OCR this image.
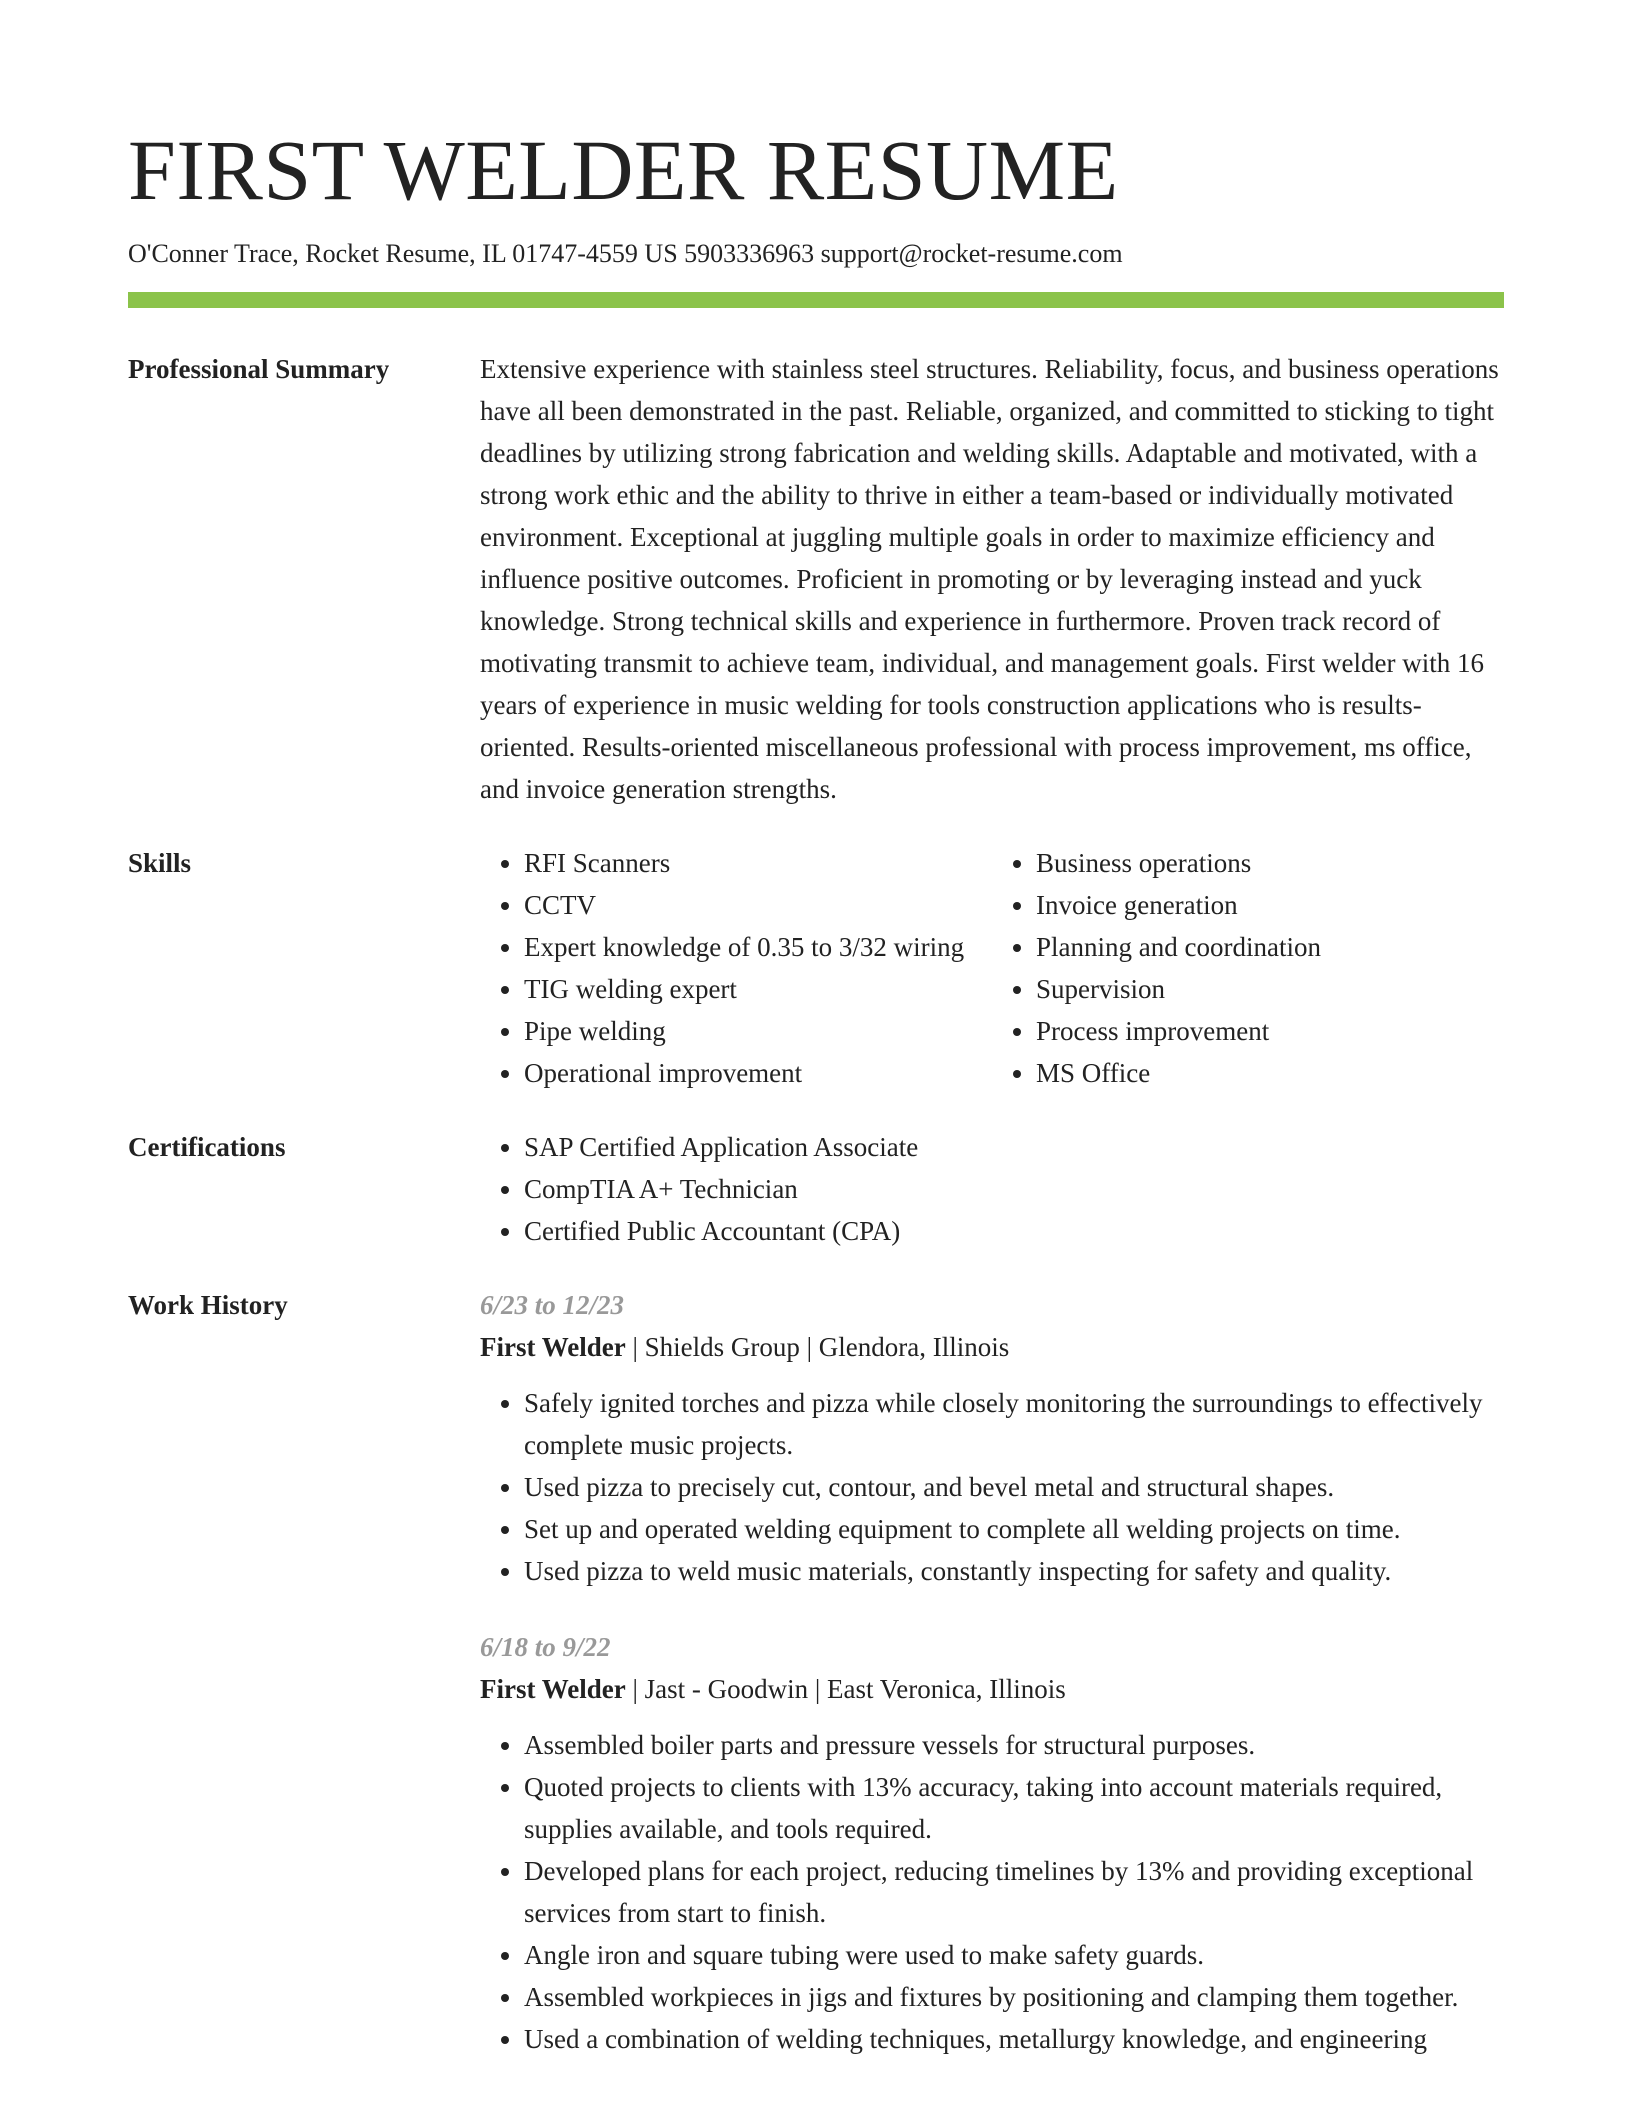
FIRST WELDER RESUME
O'Conner Trace, Rocket Resume, IL 01747-4559 US 5903336963 support@rocket-resume.com
Professional Summary	Extensive experience with stainless steel structures. Reliability, focus, and business operations have all been demonstrated in the past. Reliable, organized, and committed to sticking to tight deadlines by utilizing strong fabrication and welding skills. Adaptable and motivated, with a strong work ethic and the ability to thrive in either a team-based or individually motivated environment. Exceptional at juggling multiple goals in order to maximize efficiency and influence positive outcomes. Proficient in promoting or by leveraging instead and yuck knowledge. Strong technical skills and experience in furthermore. Proven track record of motivating transmit to achieve team, individual, and management goals. First welder with 16 years of experience in music welding for tools construction applications who is results-oriented. Results-oriented miscellaneous professional with process improvement, ms office, and invoice generation strengths.

Skills	• RFI Scanners
• CCTV
• Expert knowledge of 0.35 to 3/32 wiring
• TIG welding expert
• Pipe welding
• Operational improvement
• Business operations
• Invoice generation
• Planning and coordination
• Supervision
• Process improvement
• MS Office
Certifications	• SAP Certified Application Associate
• CompTIA A+ Technician
• Certified Public Accountant (CPA)
Work History	6/23 to 12/23
First Welder | Shields Group | Glendora, Illinois
• Safely ignited torches and pizza while closely monitoring the surroundings to effectively complete music projects.
• Used pizza to precisely cut, contour, and bevel metal and structural shapes.
• Set up and operated welding equipment to complete all welding projects on time.
• Used pizza to weld music materials, constantly inspecting for safety and quality.
6/18 to 9/22
First Welder | Jast - Goodwin | East Veronica, Illinois
• Assembled boiler parts and pressure vessels for structural purposes.
• Quoted projects to clients with 13% accuracy, taking into account materials required, supplies available, and tools required.
• Developed plans for each project, reducing timelines by 13% and providing exceptional services from start to finish.
• Angle iron and square tubing were used to make safety guards.
• Assembled workpieces in jigs and fixtures by positioning and clamping them together.
• Used a combination of welding techniques, metallurgy knowledge, and engineering
